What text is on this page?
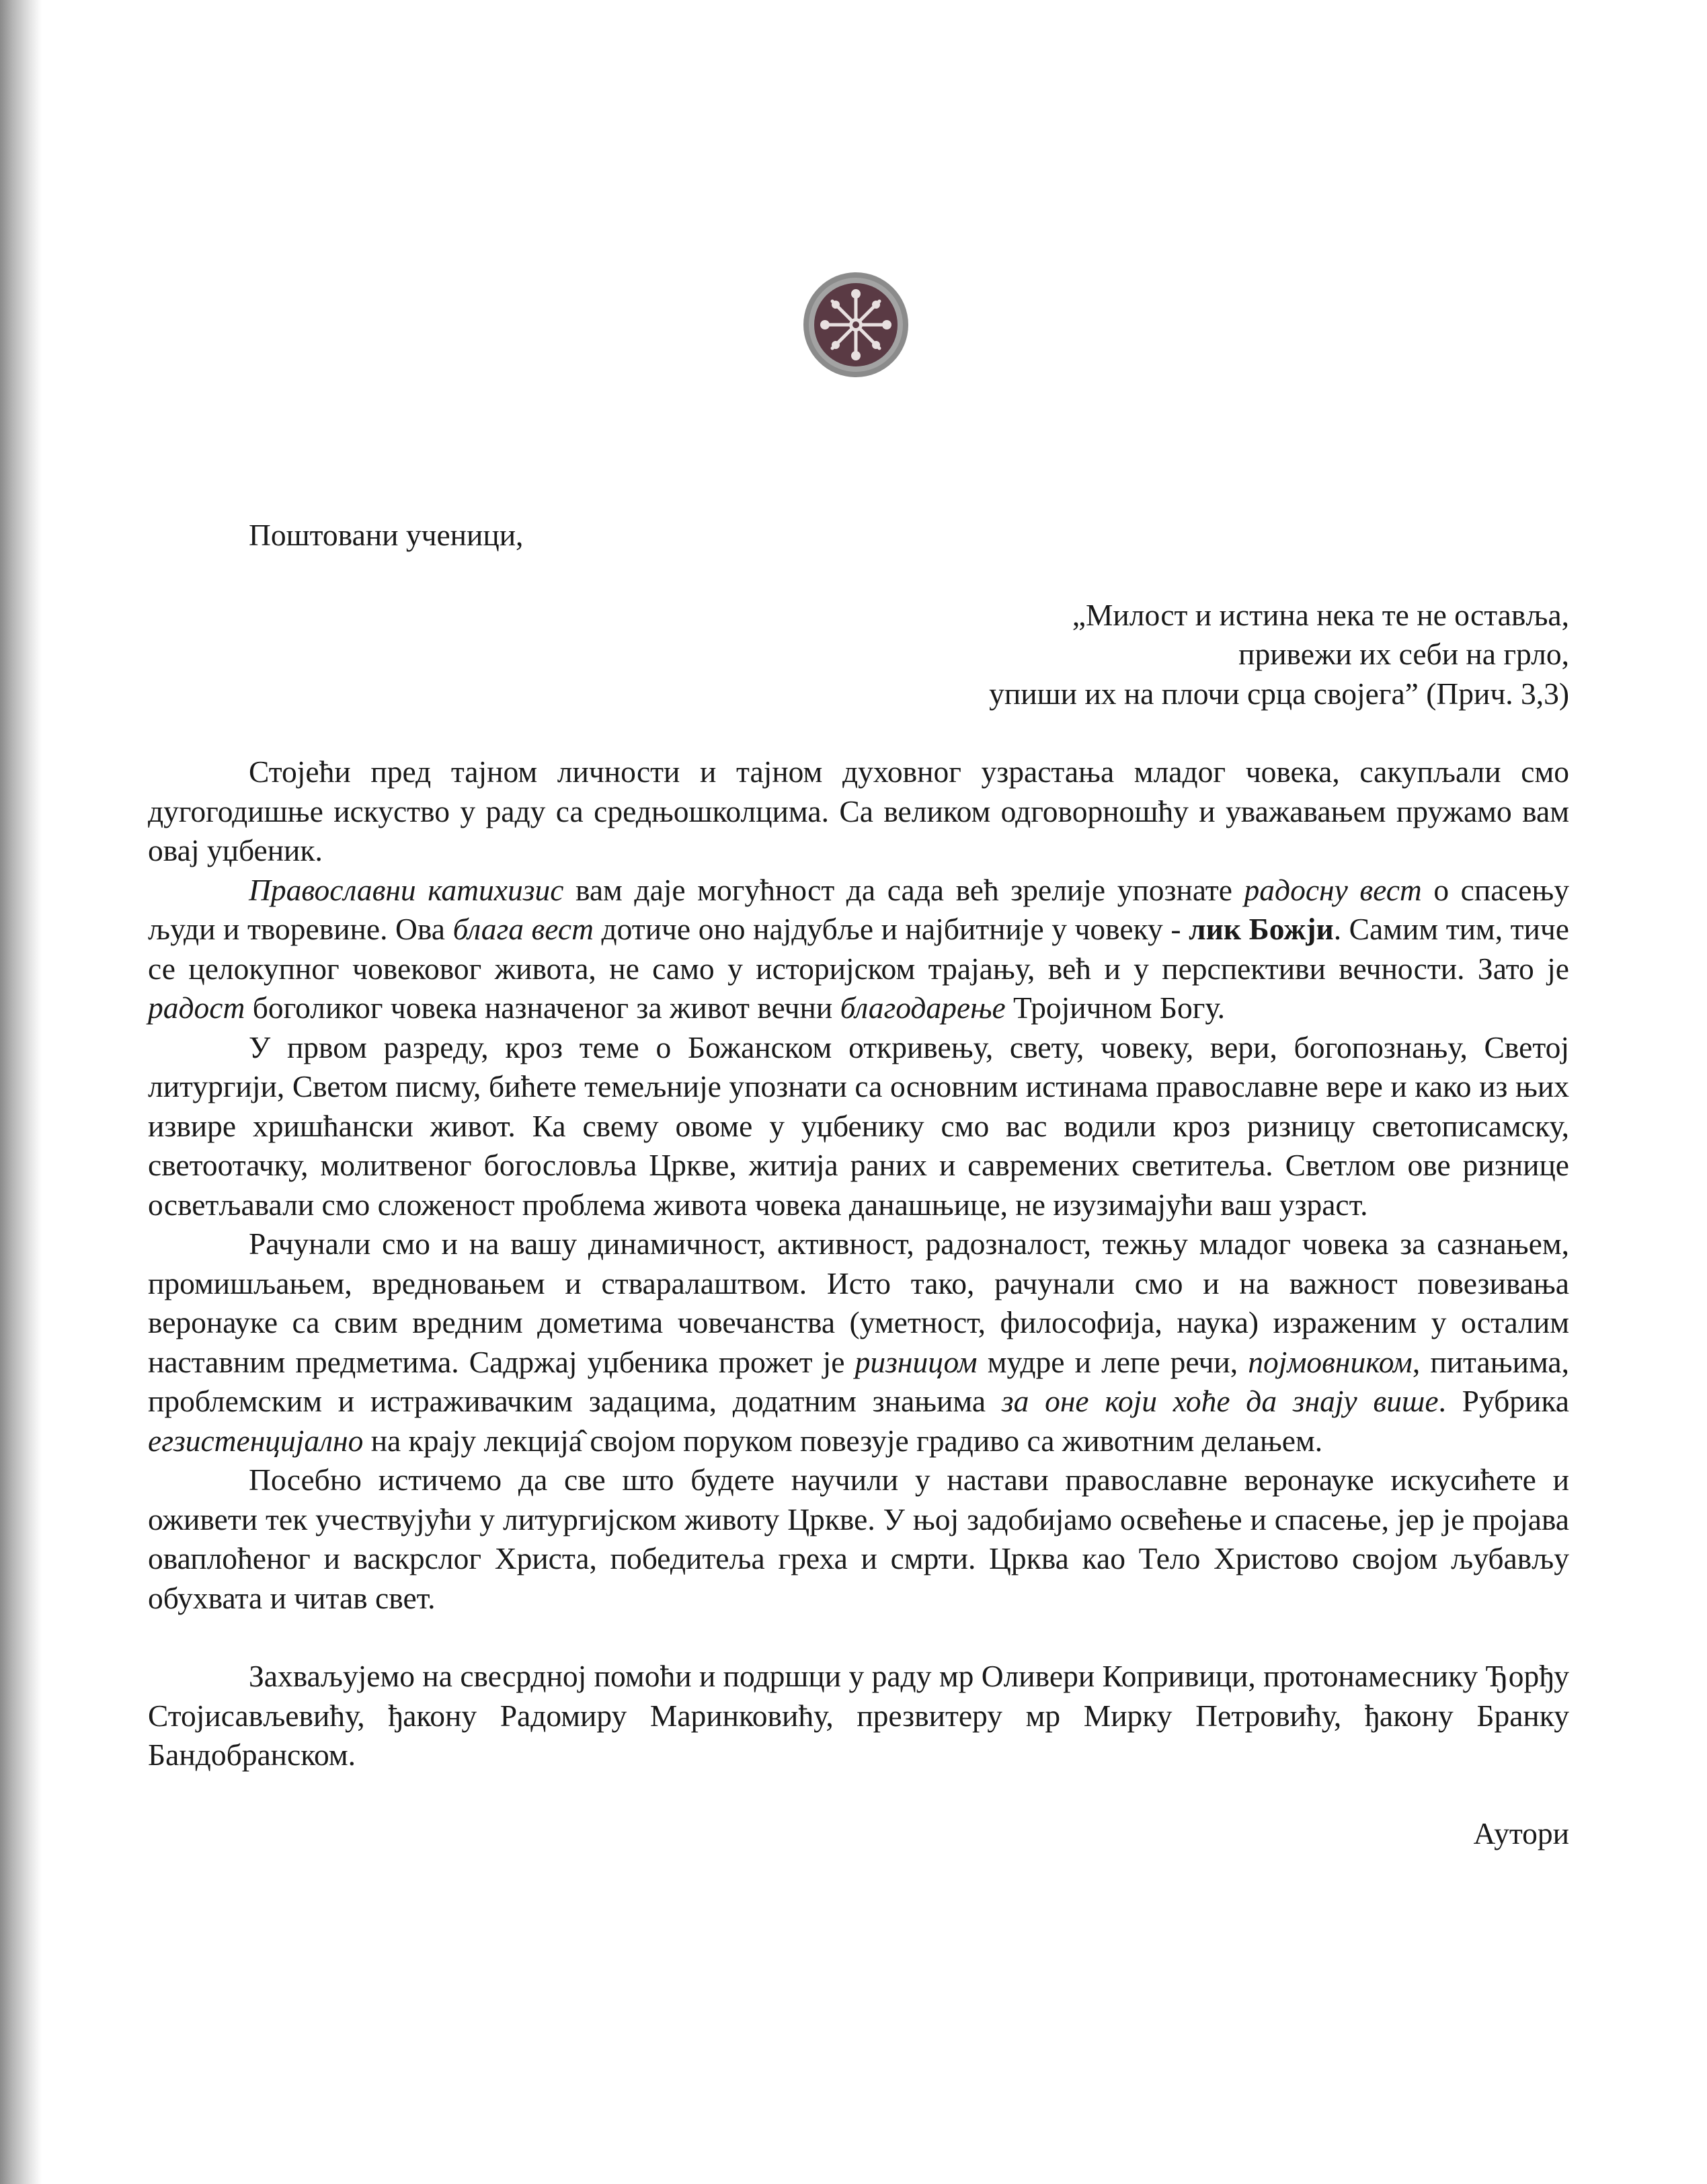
Поштовани ученици,
„Милост и истина нека те не оставља,
привежи их себи на грло,
упиши их на плочи срца својега” (Прич. 3,3)

Стојећи пред тајном личности и тајном духовног узрастања младог човека, сакупљали смо дугогодишње искуство у раду са средњошколцима. Са великом одговорношћу и уважавањем пружамо вам овај уџбеник.

Православни катихизис вам даје могућност да сада већ зрелије упознате радосну вест о спасењу људи и творевине. Ова блага вест дотиче оно најдубље и најбитније у човеку - лик Божји. Самим тим, тиче се целокупног човековог живота, не само у историјском трајању, већ и у перспективи вечности. Зато је радост боголиког човека назначеног за живот вечни благодарење Тројичном Богу.

У првом разреду, кроз теме о Божанском откривењу, свету, човеку, вери, богопознању, Светој литургији, Светом писму, бићете темељније упознати са основним истинама православне вере и како из њих извире хришћански живот. Ка свему овоме у уџбенику смо вас водили кроз ризницу светописамску, светоотачку, молитвеног богословља Цркве, житија раних и савремених светитеља. Светлом ове ризнице осветљавали смо сложеност проблема живота човека данашњице, не изузимајући ваш узраст.

Рачунали смо и на вашу динамичност, активност, радозналост, тежњу младог човека за сазнањем, промишљањем, вредновањем и стваралаштвом. Исто тако, рачунали смо и на важност повезивања веронауке са свим вредним дометима човечанства (уметност, философија, наука) израженим у осталим наставним предметима. Садржај уџбеника прожет је ризницом мудре и лепе речи, појмовником, питањима, проблемским и истраживачким задацима, додатним знањима за оне који хоће да знају више. Рубрика егзистенцијално на крају лекција̂ својом поруком повезује градиво са животним делањем.

Посебно истичемо да све што будете научили у настави православне веронауке искусићете и оживети тек учествујући у литургијском животу Цркве. У њој задобијамо освећење и спасење, јер је пројава оваплоћеног и васкрслог Христа, победитеља греха и смрти. Црква као Тело Христово својом љубављу обухвата и читав свет.

Захваљујемо на свесрдној помоћи и подршци у раду мр Оливери Копривици, протонамеснику Ђорђу Стојисављевићу, ђакону Радомиру Маринковићу, презвитеру мр Мирку Петровићу, ђакону Бранку Бандобранском.

Аутори
